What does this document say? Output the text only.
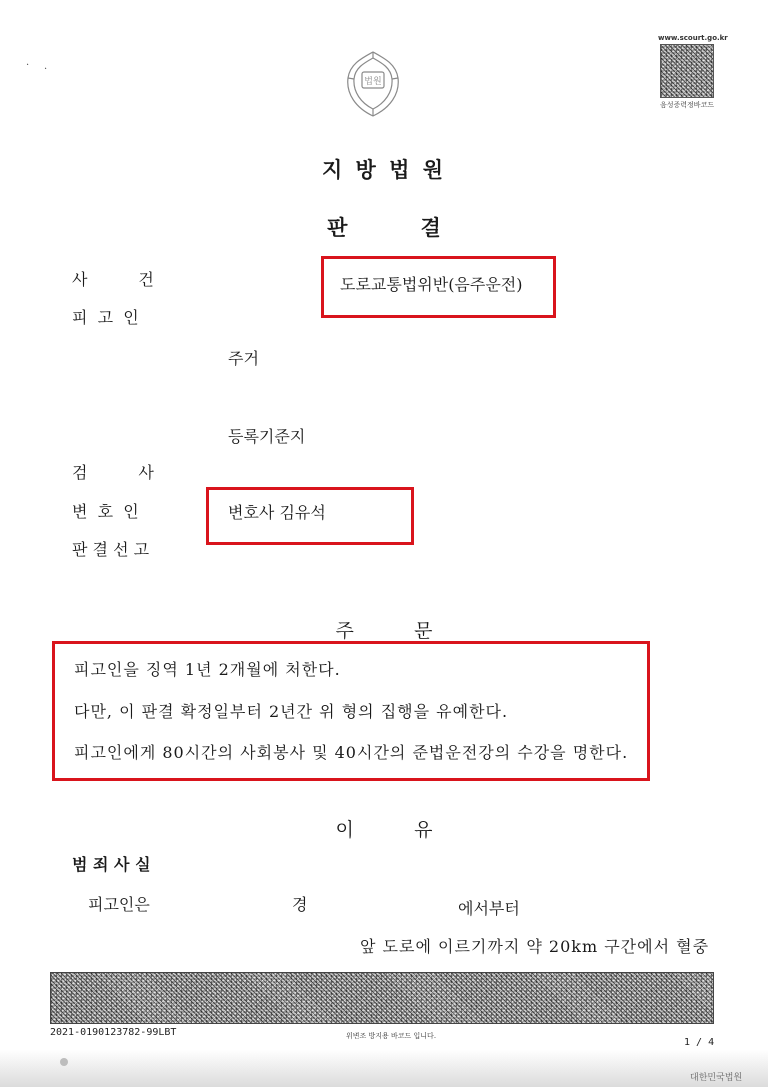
· ·
법원
www.scourt.go.kr
음성증력정바코드
지 방 법 원
판          결
사          건	도로교통법위반(음주운전)
피  고  인
주거
등록기준지
검          사
변  호  인	변호사 김유석
판 결 선 고
주          문
피고인을 징역 1년 2개월에 처한다.
다만, 이 판결 확정일부터 2년간 위 형의 집행을 유예한다.
피고인에게 80시간의 사회봉사 및 40시간의 준법운전강의 수강을 명한다.
이          유
범 죄 사 실
피고인은	경	에서부터
앞 도로에 이르기까지 약 20km 구간에서 혈중
2021-0190123782-99LBT	위변조 방지용 바코드 입니다.
1 / 4
대한민국법원
